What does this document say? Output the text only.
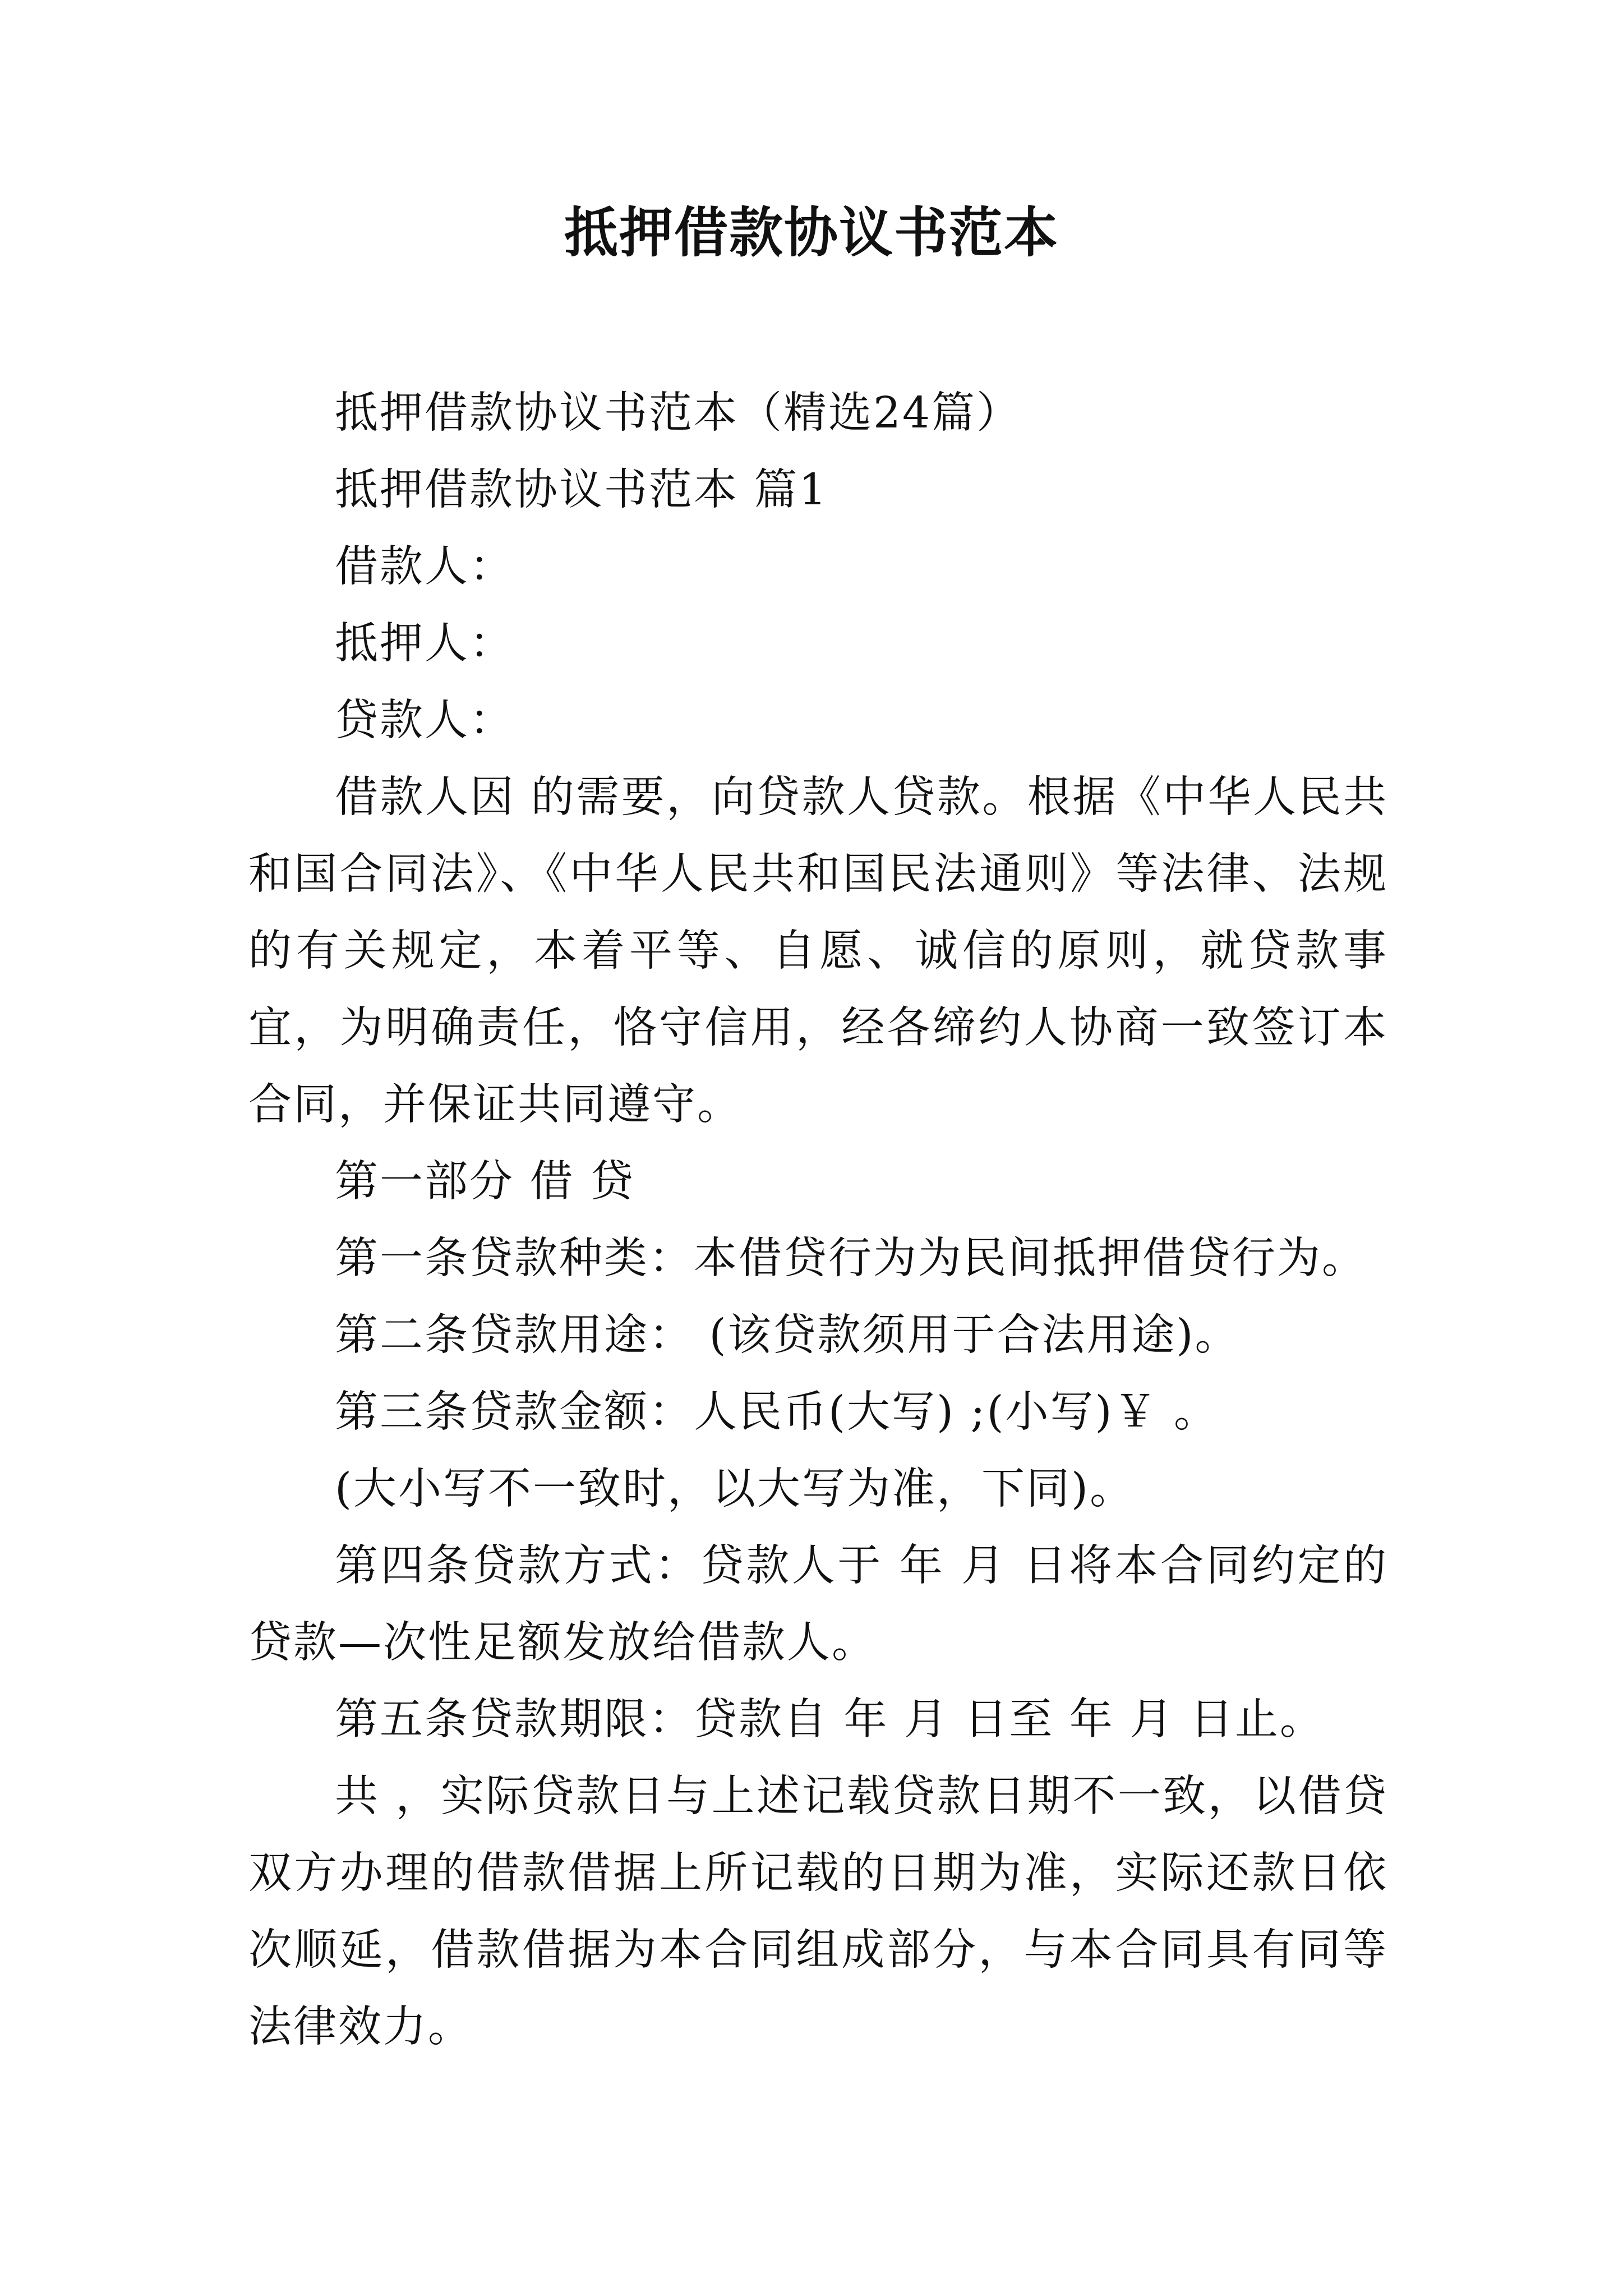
抵押借款协议书范本

抵押借款协议书范本（精选24篇）

抵押借款协议书范本 篇1

借款人：

抵押人：

贷款人：

借款人因 的需要，向贷款人贷款。根据《中华人民共和国合同法》、《中华人民共和国民法通则》等法律、法规的有关规定，本着平等、自愿、诚信的原则，就贷款事宜，为明确责任，恪守信用，经各缔约人协商一致签订本合同，并保证共同遵守。

第一部分 借 贷

第一条贷款种类：本借贷行为为民间抵押借贷行为。

第二条贷款用途： (该贷款须用于合法用途)。

第三条贷款金额：人民币(大写) ;(小写)￥ 。

(大小写不一致时，以大写为准，下同)。

第四条贷款方式：贷款人于 年 月 日将本合同约定的贷款—次性足额发放给借款人。

第五条贷款期限：贷款自 年 月 日至 年 月 日止。

共 ，实际贷款日与上述记载贷款日期不一致，以借贷双方办理的借款借据上所记载的日期为准，实际还款日依次顺延，借款借据为本合同组成部分，与本合同具有同等法律效力。
